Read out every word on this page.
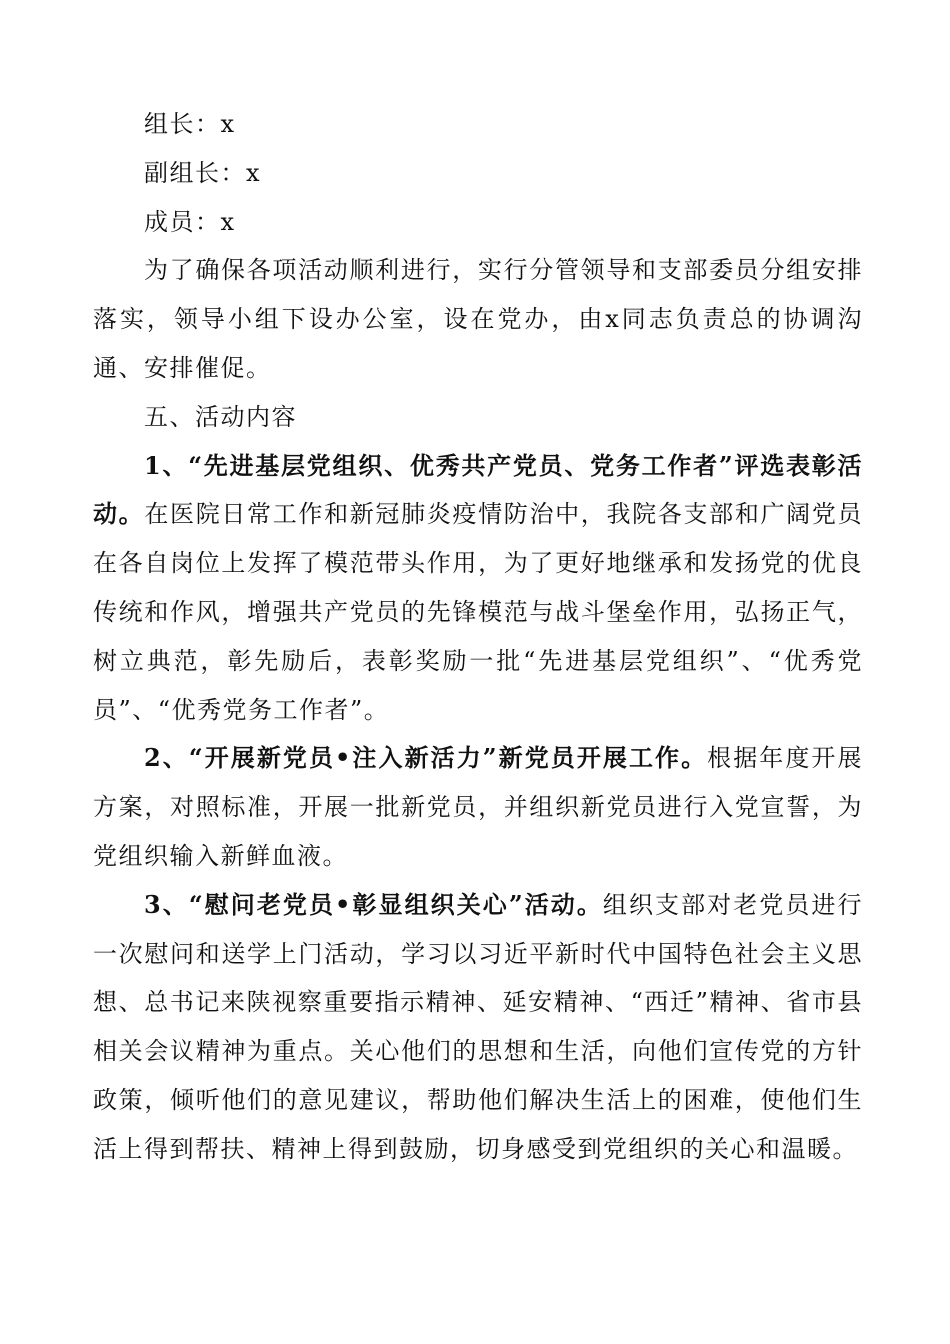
组长：x
副组长：x
成员：x

为了确保各项活动顺利进行，实行分管领导和支部委员分组安排落实，领导小组下设办公室，设在党办，由x同志负责总的协调沟通、安排催促。

五、活动内容

1、“先进基层党组织、优秀共产党员、党务工作者”评选表彰活动。在医院日常工作和新冠肺炎疫情防治中，我院各支部和广阔党员在各自岗位上发挥了模范带头作用，为了更好地继承和发扬党的优良传统和作风，增强共产党员的先锋模范与战斗堡垒作用，弘扬正气，树立典范，彰先励后，表彰奖励一批“先进基层党组织”、“优秀党员”、“优秀党务工作者”。

2、“开展新党员•注入新活力”新党员开展工作。根据年度开展方案，对照标准，开展一批新党员，并组织新党员进行入党宣誓，为党组织输入新鲜血液。

3、“慰问老党员•彰显组织关心”活动。组织支部对老党员进行一次慰问和送学上门活动，学习以习近平新时代中国特色社会主义思想、总书记来陕视察重要指示精神、延安精神、“西迁”精神、省市县相关会议精神为重点。关心他们的思想和生活，向他们宣传党的方针政策，倾听他们的意见建议，帮助他们解决生活上的困难，使他们生活上得到帮扶、精神上得到鼓励，切身感受到党组织的关心和温暖。
